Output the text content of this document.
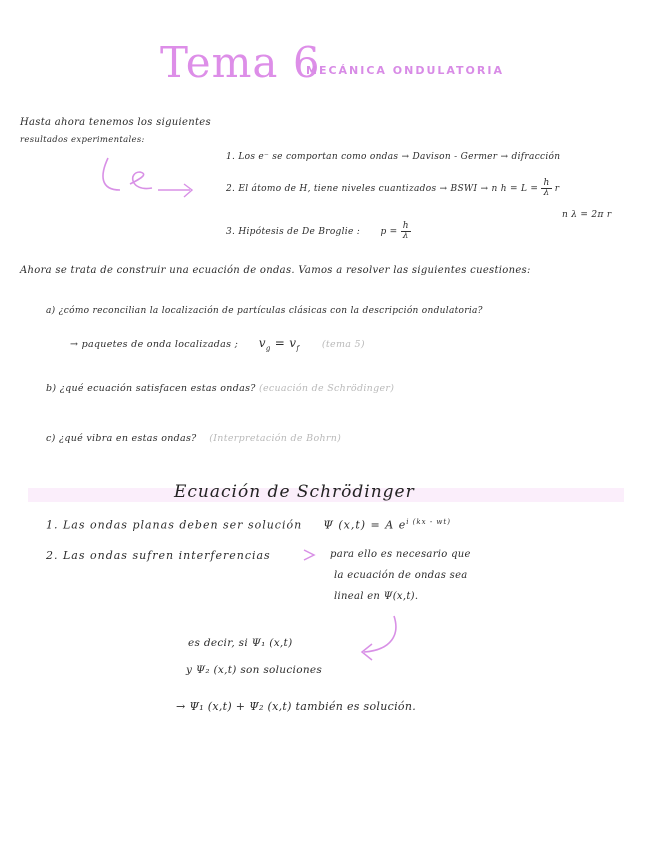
Tema 6
MECÁNICA ONDULATORIA
Hasta ahora tenemos los siguientes
resultados experimentales:
1. Los e⁻ se comportan como ondas → Davison - Germer → difracción
2. El átomo de H, tiene niveles cuantizados → BSWI → n $h = L = \frac{h}{\lambda}$ r
n λ = 2π r
3. Hipótesis de De Broglie : $p = \frac{h}{\lambda}$
Ahora se trata de construir una ecuación de ondas. Vamos a resolver las siguientes cuestiones:
a) ¿cómo reconcilian la localización de partículas clásicas con la descripción ondulatoria?
→ paquetes de onda localizadas ; $v_g = v_f$ (tema 5)
b) ¿qué ecuación satisfacen estas ondas? (ecuación de Schrödinger)
c) ¿qué vibra en estas ondas? (Interpretación de Bohrn)
Ecuación de Schrödinger
1. Las ondas planas deben ser solución Ψ (x,t) = A $e^{i (kx - wt)}$
2. Las ondas sufren interferencias	para ello es necesario que
la ecuación de ondas sea
lineal en Ψ(x,t).
es decir, si Ψ₁ (x,t)
y Ψ₂ (x,t) son soluciones
→ Ψ₁ (x,t) + Ψ₂ (x,t) también es solución.
